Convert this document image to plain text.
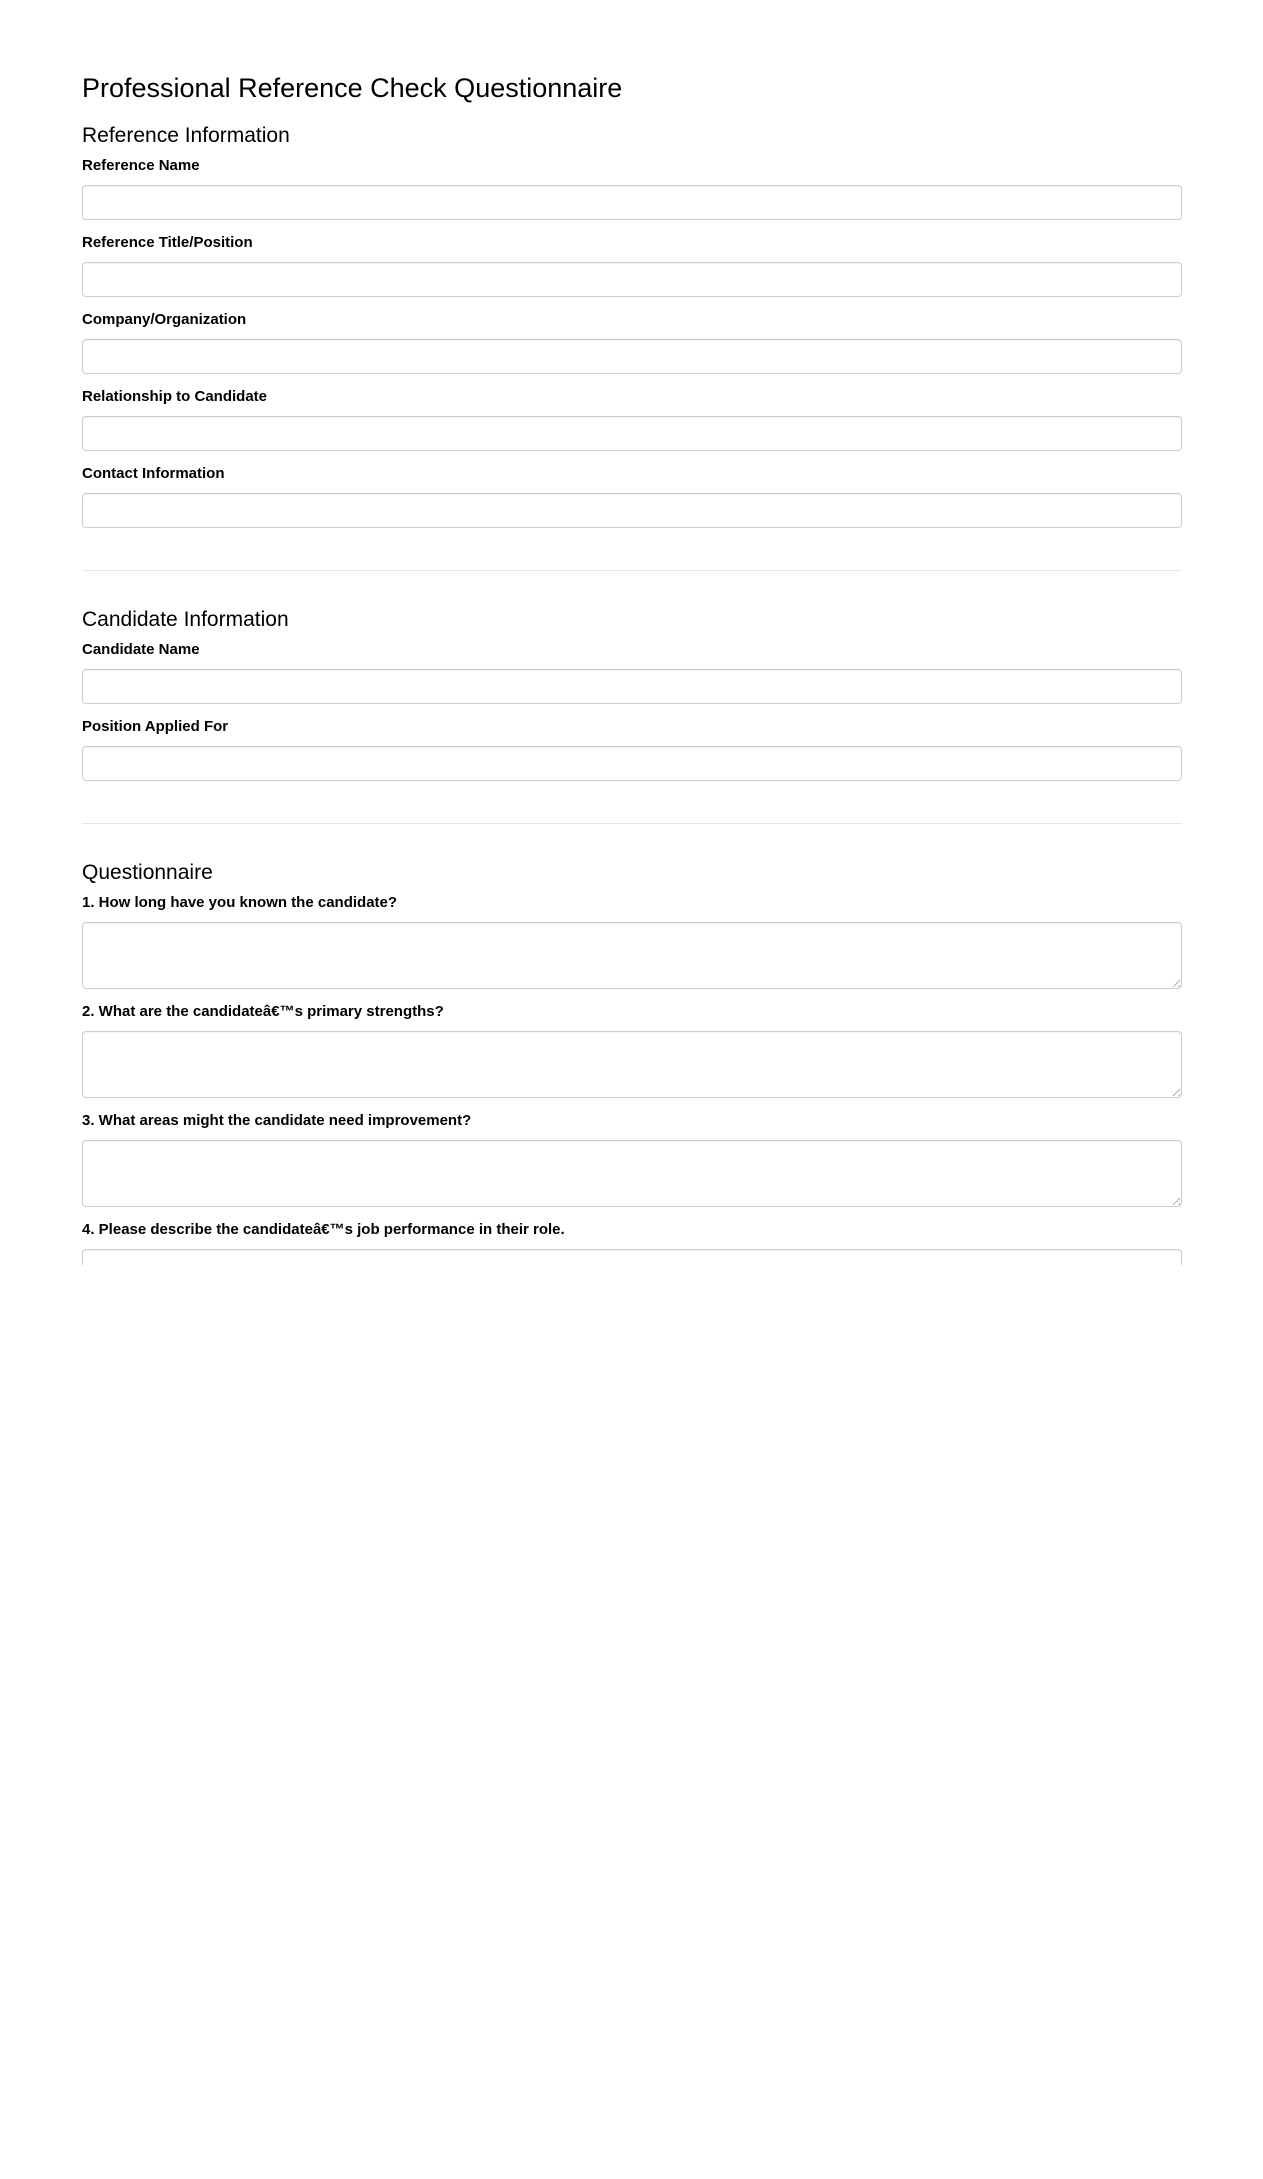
Professional Reference Check Questionnaire
Reference Information
Reference Name
Reference Title/Position
Company/Organization
Relationship to Candidate
Contact Information
Candidate Information
Candidate Name
Position Applied For
Questionnaire
1. How long have you known the candidate?
2. What are the candidateâ€™s primary strengths?
3. What areas might the candidate need improvement?
4. Please describe the candidateâ€™s job performance in their role.
